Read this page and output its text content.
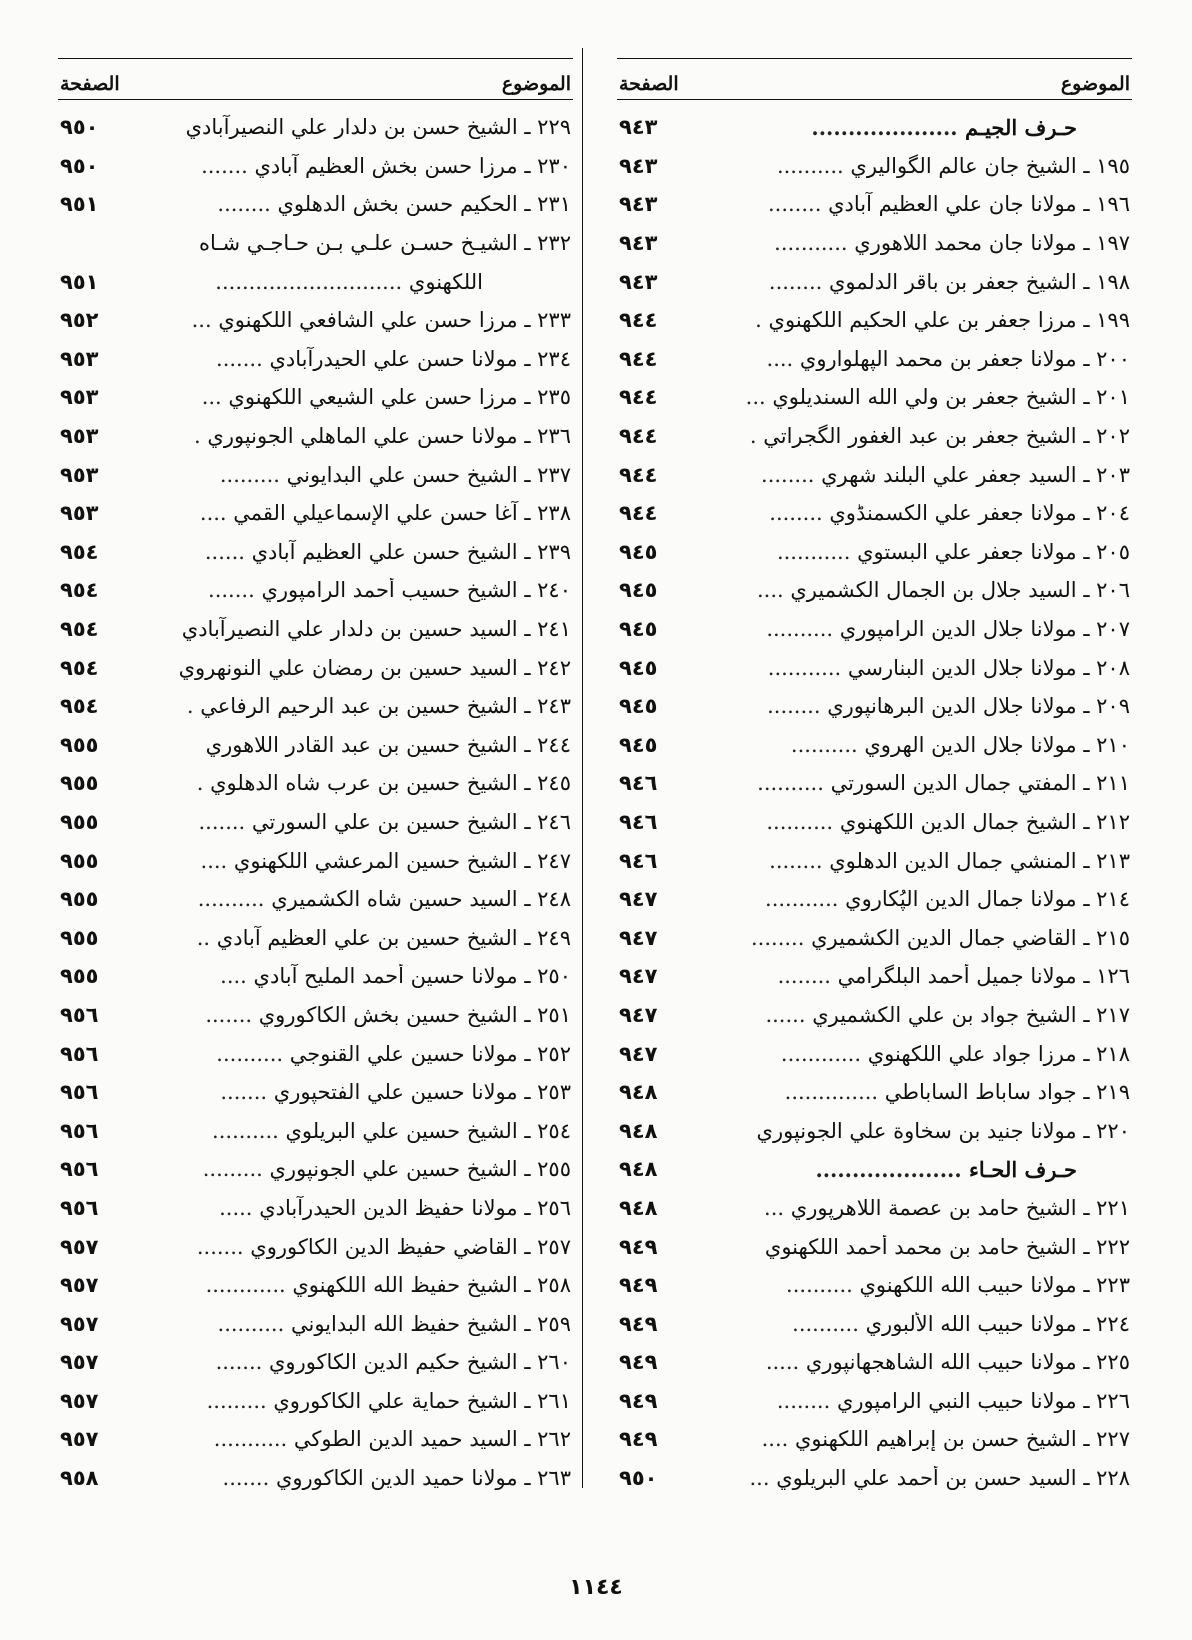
الموضوع
الصفحة
حـرف الجيـم ....................
٩٤٣
١٩٥ ـ الشيخ جان عالم الگواليري ..........
٩٤٣
١٩٦ ـ مولانا جان علي العظيم آبادي ........
٩٤٣
١٩٧ ـ مولانا جان محمد اللاهوري ...........
٩٤٣
١٩٨ ـ الشيخ جعفر بن باقر الدلموي ........
٩٤٣
١٩٩ ـ مرزا جعفر بن علي الحكيم اللكهنوي .
٩٤٤
٢٠٠ ـ مولانا جعفر بن محمد الپهلواروي ....
٩٤٤
٢٠١ ـ الشيخ جعفر بن ولي الله السنديلوي ...
٩٤٤
٢٠٢ ـ الشيخ جعفر بن عبد الغفور الگجراتي .
٩٤٤
٢٠٣ ـ السيد جعفر علي البلند شهري ........
٩٤٤
٢٠٤ ـ مولانا جعفر علي الكسمنڈوي ........
٩٤٤
٢٠٥ ـ مولانا جعفر علي البستوي ...........
٩٤٥
٢٠٦ ـ السيد جلال بن الجمال الكشميري ....
٩٤٥
٢٠٧ ـ مولانا جلال الدين الرامپوري ..........
٩٤٥
٢٠٨ ـ مولانا جلال الدين البنارسي ...........
٩٤٥
٢٠٩ ـ مولانا جلال الدين البرهانپوري ........
٩٤٥
٢١٠ ـ مولانا جلال الدين الهروي ..........
٩٤٥
٢١١ ـ المفتي جمال الدين السورتي ..........
٩٤٦
٢١٢ ـ الشيخ جمال الدين اللكهنوي ..........
٩٤٦
٢١٣ ـ المنشي جمال الدين الدهلوي ........
٩٤٦
٢١٤ ـ مولانا جمال الدين الپُكاروي ...........
٩٤٧
٢١٥ ـ القاضي جمال الدين الكشميري ........
٩٤٧
١٢٦ ـ مولانا جميل أحمد البلگرامي ........
٩٤٧
٢١٧ ـ الشيخ جواد بن علي الكشميري ......
٩٤٧
٢١٨ ـ مرزا جواد علي اللكهنوي ............
٩٤٧
٢١٩ ـ جواد ساباط الساباطي ..............
٩٤٨
٢٢٠ ـ مولانا جنيد بن سخاوة علي الجونپوري
٩٤٨
حـرف الحـاء ....................
٩٤٨
٢٢١ ـ الشيخ حامد بن عصمة اللاهرپوري ...
٩٤٨
٢٢٢ ـ الشيخ حامد بن محمد أحمد اللكهنوي
٩٤٩
٢٢٣ ـ مولانا حبيب الله اللكهنوي ..........
٩٤٩
٢٢٤ ـ مولانا حبيب الله الألبوري ..........
٩٤٩
٢٢٥ ـ مولانا حبيب الله الشاهجهانپوري .....
٩٤٩
٢٢٦ ـ مولانا حبيب النبي الرامپوري ........
٩٤٩
٢٢٧ ـ الشيخ حسن بن إبراهيم اللكهنوي ....
٩٤٩
٢٢٨ ـ السيد حسن بن أحمد علي البريلوي ...
٩٥٠
الموضوع
الصفحة
٢٢٩ ـ الشيخ حسن بن دلدار علي النصيرآبادي
٩٥٠
٢٣٠ ـ مرزا حسن بخش العظيم آبادي .......
٩٥٠
٢٣١ ـ الحكيم حسن بخش الدهلوي ........
٩٥١
٢٣٢ ـ الشيـخ حسـن علـي بـن حـاجـي شـاه
اللكهنوي ............................
٩٥١
٢٣٣ ـ مرزا حسن علي الشافعي اللكهنوي ...
٩٥٢
٢٣٤ ـ مولانا حسن علي الحيدرآبادي .......
٩٥٣
٢٣٥ ـ مرزا حسن علي الشيعي اللكهنوي ...
٩٥٣
٢٣٦ ـ مولانا حسن علي الماهلي الجونپوري .
٩٥٣
٢٣٧ ـ الشيخ حسن علي البدايوني .........
٩٥٣
٢٣٨ ـ آغا حسن علي الإسماعيلي القمي ....
٩٥٣
٢٣٩ ـ الشيخ حسن علي العظيم آبادي ......
٩٥٤
٢٤٠ ـ الشيخ حسيب أحمد الرامپوري .......
٩٥٤
٢٤١ ـ السيد حسين بن دلدار علي النصيرآبادي
٩٥٤
٢٤٢ ـ السيد حسين بن رمضان علي النونهروي
٩٥٤
٢٤٣ ـ الشيخ حسين بن عبد الرحيم الرفاعي .
٩٥٤
٢٤٤ ـ الشيخ حسين بن عبد القادر اللاهوري
٩٥٥
٢٤٥ ـ الشيخ حسين بن عرب شاه الدهلوي .
٩٥٥
٢٤٦ ـ الشيخ حسين بن علي السورتي .......
٩٥٥
٢٤٧ ـ الشيخ حسين المرعشي اللكهنوي ....
٩٥٥
٢٤٨ ـ السيد حسين شاه الكشميري ..........
٩٥٥
٢٤٩ ـ الشيخ حسين بن علي العظيم آبادي ..
٩٥٥
٢٥٠ ـ مولانا حسين أحمد المليح آبادي ....
٩٥٥
٢٥١ ـ الشيخ حسين بخش الكاكوروي .......
٩٥٦
٢٥٢ ـ مولانا حسين علي القنوجي ..........
٩٥٦
٢٥٣ ـ مولانا حسين علي الفتحپوري .......
٩٥٦
٢٥٤ ـ الشيخ حسين علي البريلوي ..........
٩٥٦
٢٥٥ ـ الشيخ حسين علي الجونپوري .........
٩٥٦
٢٥٦ ـ مولانا حفيظ الدين الحيدرآبادي .....
٩٥٦
٢٥٧ ـ القاضي حفيظ الدين الكاكوروي .......
٩٥٧
٢٥٨ ـ الشيخ حفيظ الله اللكهنوي ............
٩٥٧
٢٥٩ ـ الشيخ حفيظ الله البدايوني ..........
٩٥٧
٢٦٠ ـ الشيخ حكيم الدين الكاكوروي .......
٩٥٧
٢٦١ ـ الشيخ حماية علي الكاكوروي .........
٩٥٧
٢٦٢ ـ السيد حميد الدين الطوكي ...........
٩٥٧
٢٦٣ ـ مولانا حميد الدين الكاكوروي .......
٩٥٨
١١٤٤
